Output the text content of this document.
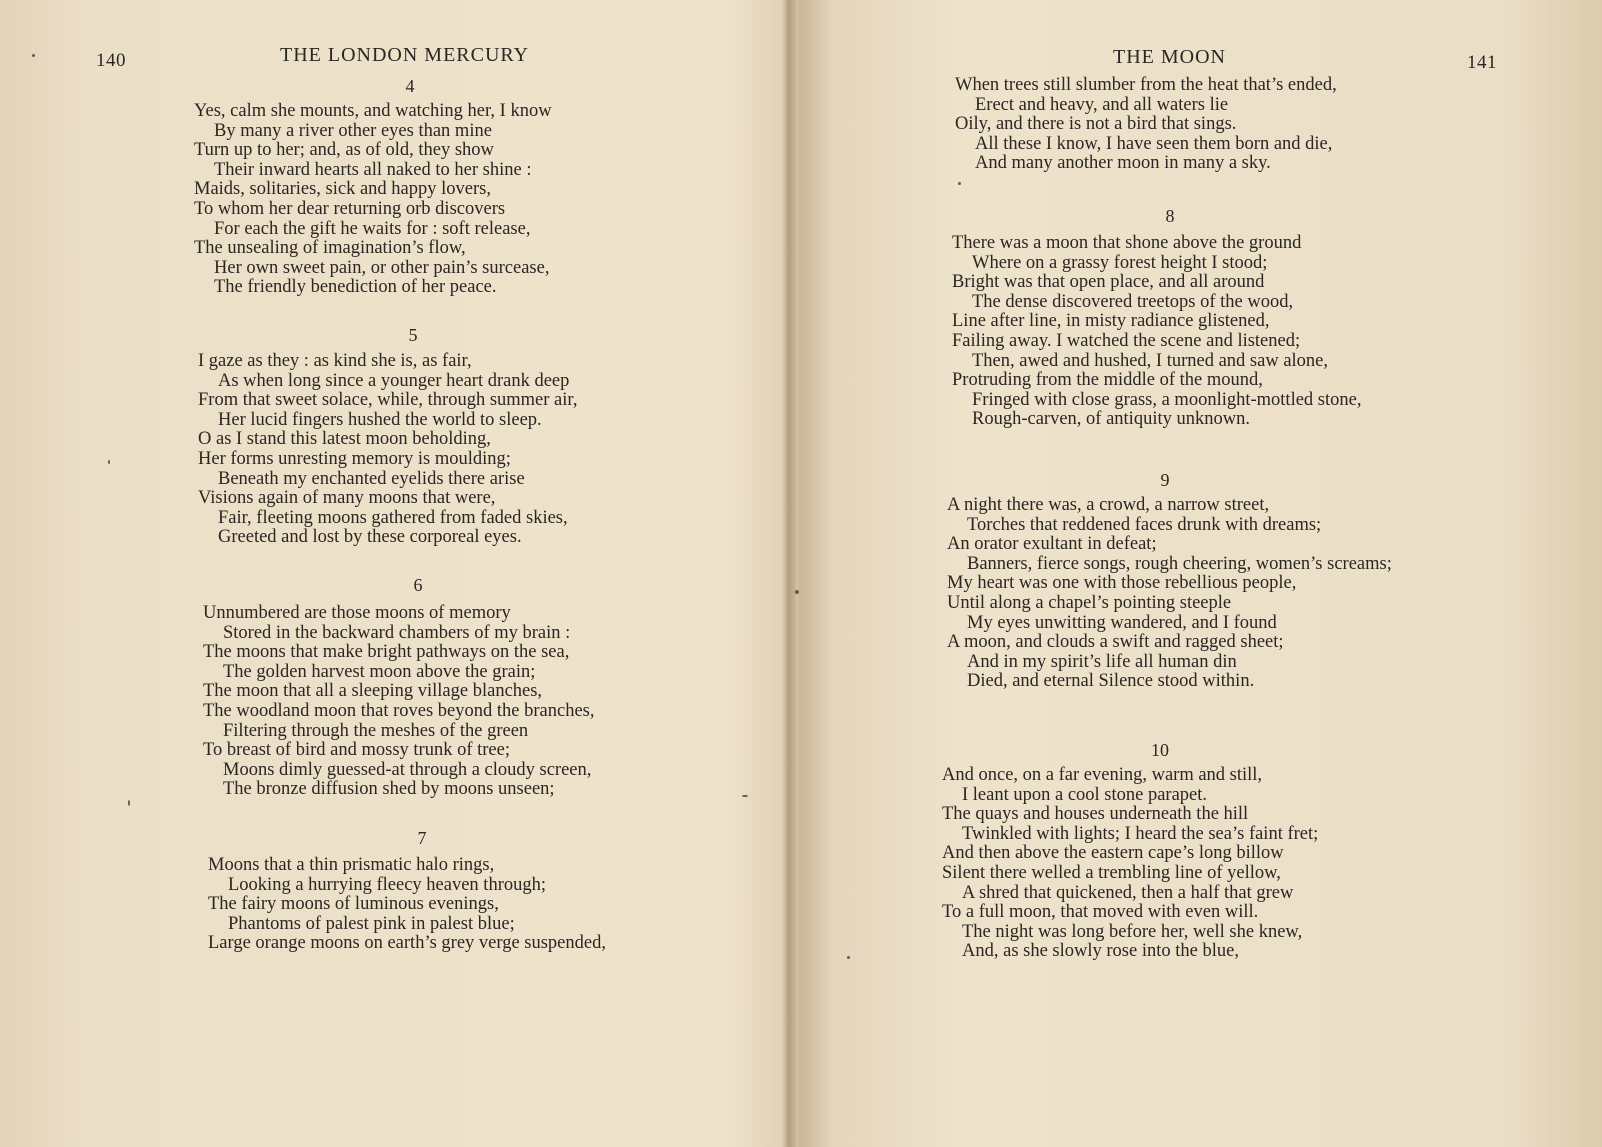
140	THE LONDON MERCURY
4
Yes, calm she mounts, and watching her, I know
By many a river other eyes than mine
Turn up to her; and, as of old, they show
Their inward hearts all naked to her shine :
Maids, solitaries, sick and happy lovers,
To whom her dear returning orb discovers
For each the gift he waits for : soft release,
The unsealing of imagination’s flow,
Her own sweet pain, or other pain’s surcease,
The friendly benediction of her peace.
5
I gaze as they : as kind she is, as fair,
As when long since a younger heart drank deep
From that sweet solace, while, through summer air,
Her lucid fingers hushed the world to sleep.
O as I stand this latest moon beholding,
Her forms unresting memory is moulding;
Beneath my enchanted eyelids there arise
Visions again of many moons that were,
Fair, fleeting moons gathered from faded skies,
Greeted and lost by these corporeal eyes.
6
Unnumbered are those moons of memory
Stored in the backward chambers of my brain :
The moons that make bright pathways on the sea,
The golden harvest moon above the grain;
The moon that all a sleeping village blanches,
The woodland moon that roves beyond the branches,
Filtering through the meshes of the green
To breast of bird and mossy trunk of tree;
Moons dimly guessed-at through a cloudy screen,
The bronze diffusion shed by moons unseen;
7
Moons that a thin prismatic halo rings,
Looking a hurrying fleecy heaven through;
The fairy moons of luminous evenings,
Phantoms of palest pink in palest blue;
Large orange moons on earth’s grey verge suspended,
THE MOON	141
When trees still slumber from the heat that’s ended,
Erect and heavy, and all waters lie
Oily, and there is not a bird that sings.
All these I know, I have seen them born and die,
And many another moon in many a sky.
8
There was a moon that shone above the ground
Where on a grassy forest height I stood;
Bright was that open place, and all around
The dense discovered treetops of the wood,
Line after line, in misty radiance glistened,
Failing away. I watched the scene and listened;
Then, awed and hushed, I turned and saw alone,
Protruding from the middle of the mound,
Fringed with close grass, a moonlight-mottled stone,
Rough-carven, of antiquity unknown.
9
A night there was, a crowd, a narrow street,
Torches that reddened faces drunk with dreams;
An orator exultant in defeat;
Banners, fierce songs, rough cheering, women’s screams;
My heart was one with those rebellious people,
Until along a chapel’s pointing steeple
My eyes unwitting wandered, and I found
A moon, and clouds a swift and ragged sheet;
And in my spirit’s life all human din
Died, and eternal Silence stood within.
10
And once, on a far evening, warm and still,
I leant upon a cool stone parapet.
The quays and houses underneath the hill
Twinkled with lights; I heard the sea’s faint fret;
And then above the eastern cape’s long billow
Silent there welled a trembling line of yellow,
A shred that quickened, then a half that grew
To a full moon, that moved with even will.
The night was long before her, well she knew,
And, as she slowly rose into the blue,
